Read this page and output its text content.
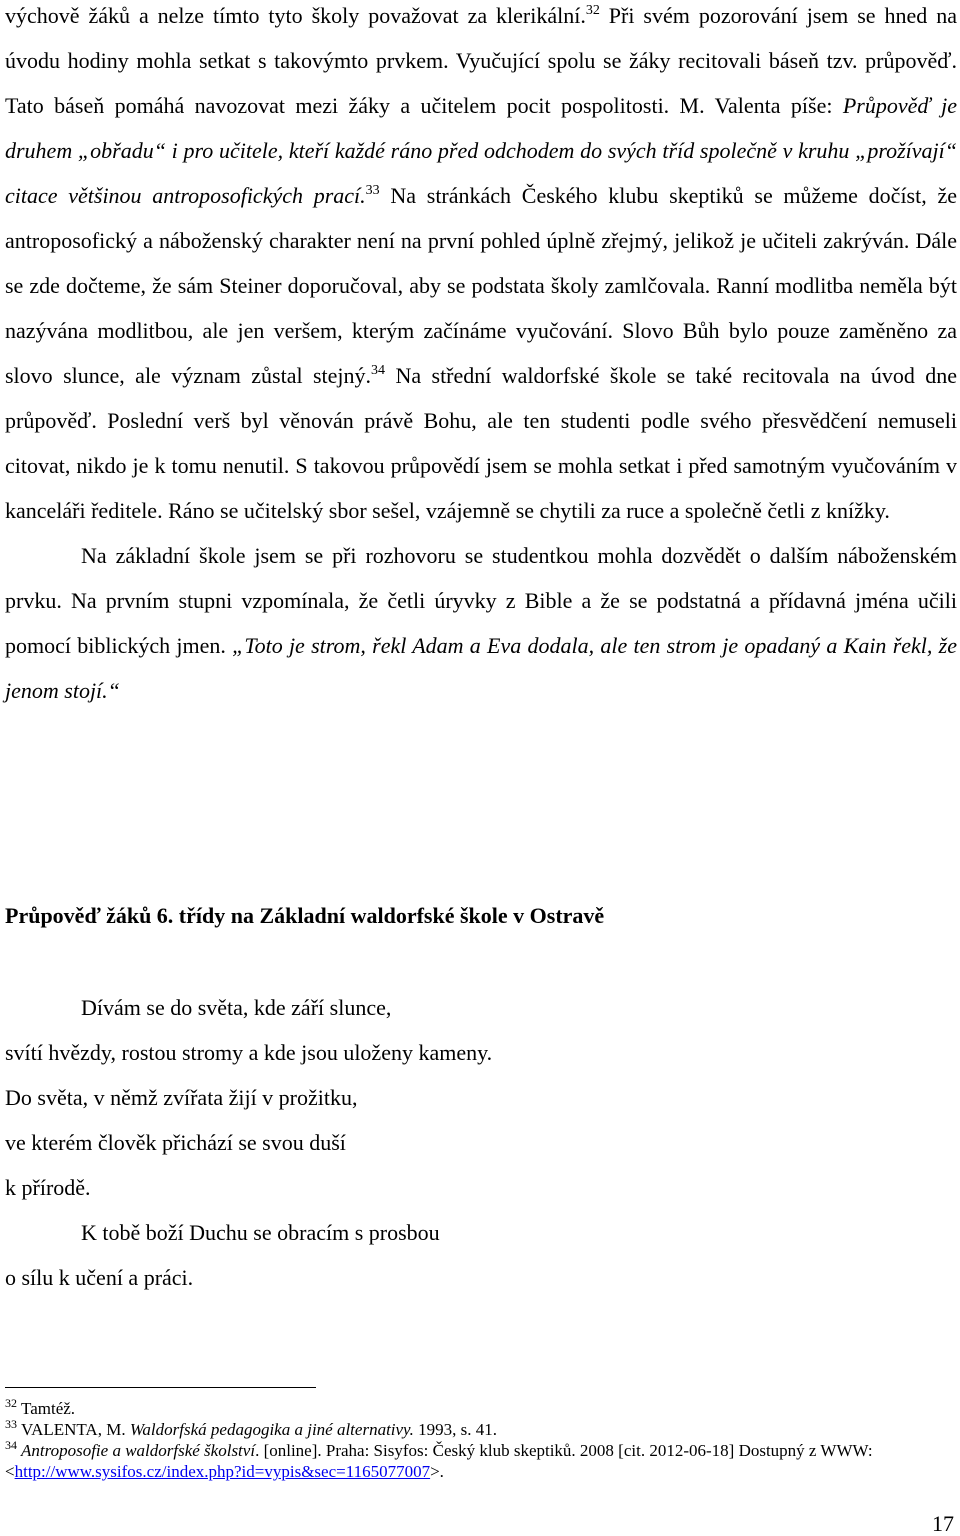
výchově žáků a nelze tímto tyto školy považovat za klerikální.$^{32}$ Při svém pozorování jsem se hned na úvodu hodiny mohla setkat s takovýmto prvkem. Vyučující spolu se žáky recitovali báseň tzv. průpověď. Tato báseň pomáhá navozovat mezi žáky a učitelem pocit pospolitosti. M. Valenta píše: Průpověď je druhem „obřadu“ i pro učitele, kteří každé ráno před odchodem do svých tříd společně v kruhu „prožívají“ citace většinou antroposofických prací.$^{33}$ Na stránkách Českého klubu skeptiků se můžeme dočíst, že antroposofický a náboženský charakter není na první pohled úplně zřejmý, jelikož je učiteli zakrýván. Dále se zde dočteme, že sám Steiner doporučoval, aby se podstata školy zamlčovala. Ranní modlitba neměla být nazývána modlitbou, ale jen veršem, kterým začínáme vyučování. Slovo Bůh bylo pouze zaměněno za slovo slunce, ale význam zůstal stejný.$^{34}$ Na střední waldorfské škole se také recitovala na úvod dne průpověď. Poslední verš byl věnován právě Bohu, ale ten studenti podle svého přesvědčení nemuseli citovat, nikdo je k tomu nenutil. S takovou průpovědí jsem se mohla setkat i před samotným vyučováním v kanceláři ředitele. Ráno se učitelský sbor sešel, vzájemně se chytili za ruce a společně četli z knížky.

Na základní škole jsem se při rozhovoru se studentkou mohla dozvědět o dalším náboženském prvku. Na prvním stupni vzpomínala, že četli úryvky z Bible a že se podstatná a přídavná jména učili pomocí biblických jmen. „Toto je strom, řekl Adam a Eva dodala, ale ten strom je opadaný a Kain řekl, že jenom stojí.“

Průpověď žáků 6. třídy na Základní waldorfské škole v Ostravě

Dívám se do světa, kde září slunce,
svítí hvězdy, rostou stromy a kde jsou uloženy kameny.
Do světa, v němž zvířata žijí v prožitku,
ve kterém člověk přichází se svou duší
k přírodě.
K tobě boží Duchu se obracím s prosbou
o sílu k učení a práci.

$^{32}$ Tamtéž.

$^{33}$ VALENTA, M. Waldorfská pedagogika a jiné alternativy. 1993, s. 41.

$^{34}$ Antroposofie a waldorfské školství. [online]. Praha: Sisyfos: Český klub skeptiků. 2008 [cit. 2012-06-18] Dostupný z WWW: <http://www.sysifos.cz/index.php?id=vypis&sec=1165077007>.

17
